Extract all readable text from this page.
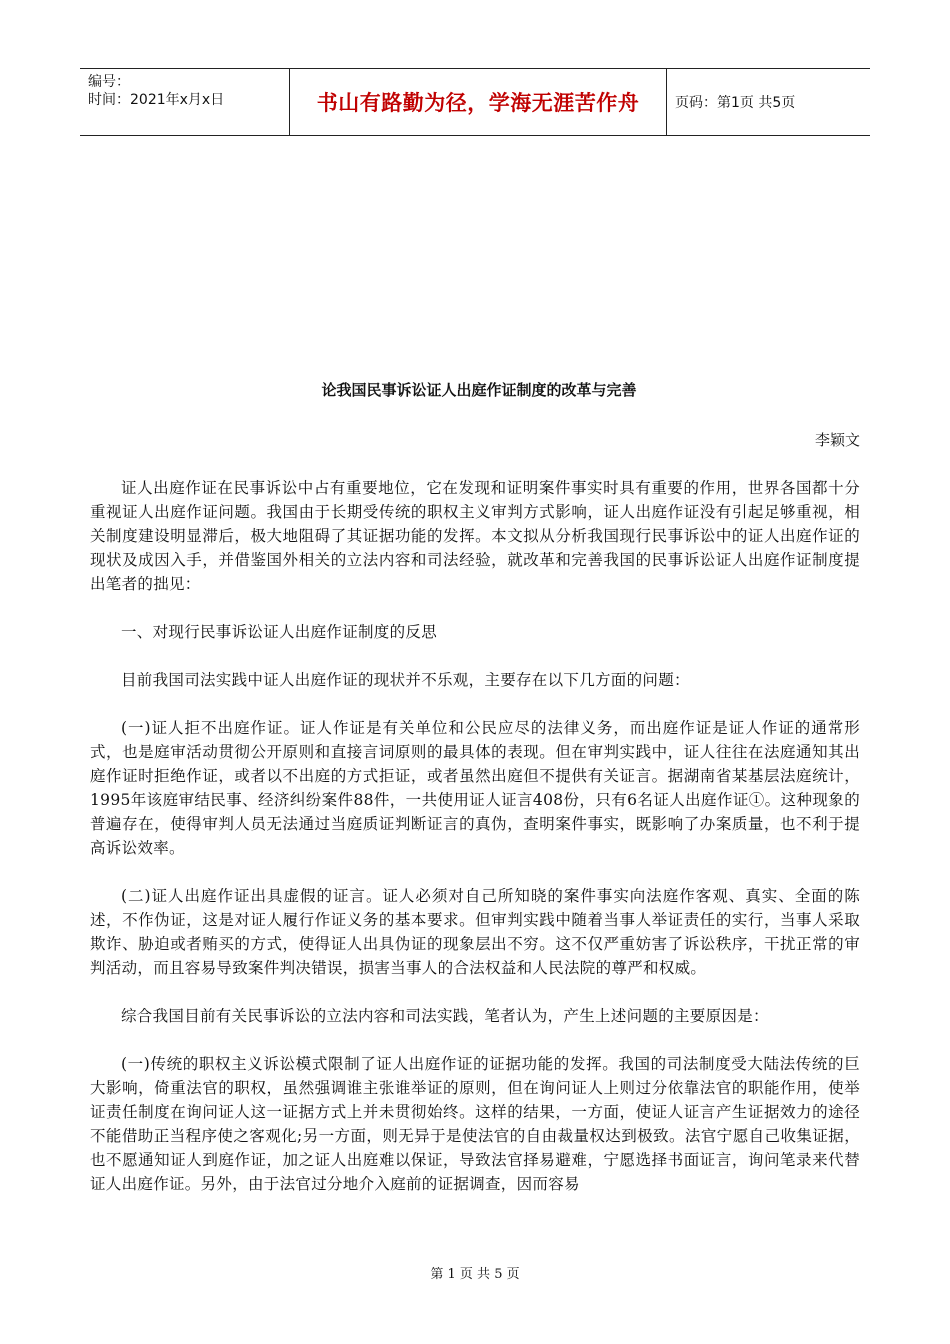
编号：
时间：2021年x月x日	书山有路勤为径，学海无涯苦作舟	页码：第1页 共5页
论我国民事诉讼证人出庭作证制度的改革与完善

李颖文

证人出庭作证在民事诉讼中占有重要地位，它在发现和证明案件事实时具有重要的作用，世界各国都十分重视证人出庭作证问题。我国由于长期受传统的职权主义审判方式影响，证人出庭作证没有引起足够重视，相关制度建设明显滞后，极大地阻碍了其证据功能的发挥。本文拟从分析我国现行民事诉讼中的证人出庭作证的现状及成因入手，并借鉴国外相关的立法内容和司法经验，就改革和完善我国的民事诉讼证人出庭作证制度提出笔者的拙见：

一、对现行民事诉讼证人出庭作证制度的反思

目前我国司法实践中证人出庭作证的现状并不乐观，主要存在以下几方面的问题：

(一)证人拒不出庭作证。证人作证是有关单位和公民应尽的法律义务，而出庭作证是证人作证的通常形式，也是庭审活动贯彻公开原则和直接言词原则的最具体的表现。但在审判实践中，证人往往在法庭通知其出庭作证时拒绝作证，或者以不出庭的方式拒证，或者虽然出庭但不提供有关证言。据湖南省某基层法庭统计，1995年该庭审结民事、经济纠纷案件88件，一共使用证人证言408份，只有6名证人出庭作证①。这种现象的普遍存在，使得审判人员无法通过当庭质证判断证言的真伪，查明案件事实，既影响了办案质量，也不利于提高诉讼效率。

(二)证人出庭作证出具虚假的证言。证人必须对自己所知晓的案件事实向法庭作客观、真实、全面的陈述，不作伪证，这是对证人履行作证义务的基本要求。但审判实践中随着当事人举证责任的实行，当事人采取欺诈、胁迫或者贿买的方式，使得证人出具伪证的现象层出不穷。这不仅严重妨害了诉讼秩序，干扰正常的审判活动，而且容易导致案件判决错误，损害当事人的合法权益和人民法院的尊严和权威。

综合我国目前有关民事诉讼的立法内容和司法实践，笔者认为，产生上述问题的主要原因是：

(一)传统的职权主义诉讼模式限制了证人出庭作证的证据功能的发挥。我国的司法制度受大陆法传统的巨大影响，倚重法官的职权，虽然强调谁主张谁举证的原则，但在询问证人上则过分依靠法官的职能作用，使举证责任制度在询问证人这一证据方式上并未贯彻始终。这样的结果，一方面，使证人证言产生证据效力的途径不能借助正当程序使之客观化;另一方面，则无异于是使法官的自由裁量权达到极致。法官宁愿自己收集证据，也不愿通知证人到庭作证，加之证人出庭难以保证，导致法官择易避难，宁愿选择书面证言，询问笔录来代替证人出庭作证。另外，由于法官过分地介入庭前的证据调查，因而容易

第 1 页 共 5 页
